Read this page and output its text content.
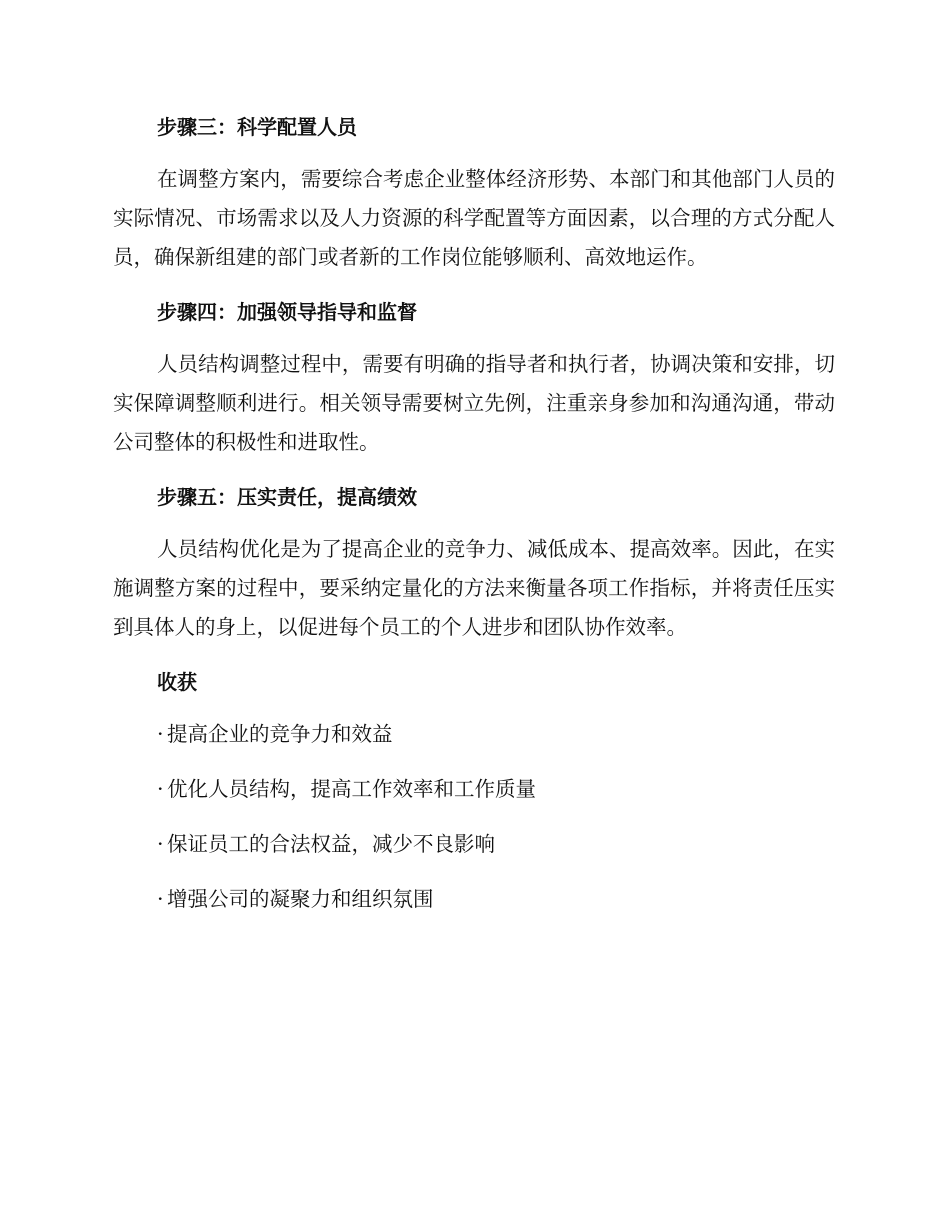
步骤三：科学配置人员

在调整方案内，需要综合考虑企业整体经济形势、本部门和其他部门人员的实际情况、市场需求以及人力资源的科学配置等方面因素，以合理的方式分配人员，确保新组建的部门或者新的工作岗位能够顺利、高效地运作。

步骤四：加强领导指导和监督

人员结构调整过程中，需要有明确的指导者和执行者，协调决策和安排，切实保障调整顺利进行。相关领导需要树立先例，注重亲身参加和沟通沟通，带动公司整体的积极性和进取性。

步骤五：压实责任，提高绩效

人员结构优化是为了提高企业的竞争力、减低成本、提高效率。因此，在实施调整方案的过程中，要采纳定量化的方法来衡量各项工作指标，并将责任压实到具体人的身上，以促进每个员工的个人进步和团队协作效率。

收获
· 提高企业的竞争力和效益
· 优化人员结构，提高工作效率和工作质量
· 保证员工的合法权益，减少不良影响
· 增强公司的凝聚力和组织氛围
